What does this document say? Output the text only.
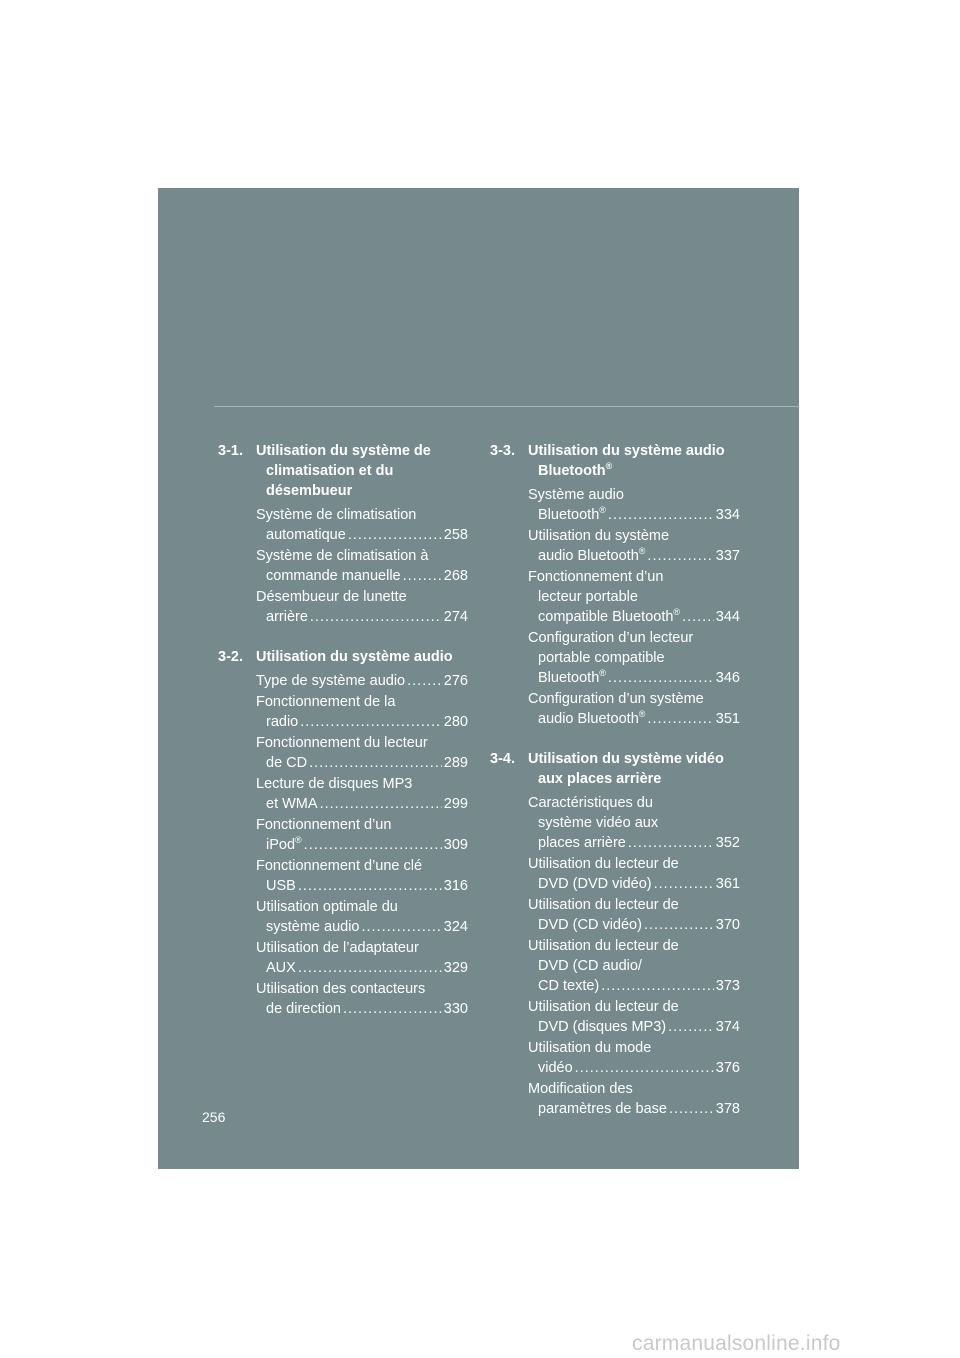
3-1. Utilisation du système de climatisation et du désembueur
Système de climatisation
automatique .....	258
Système de climatisation à
commande manuelle .....	268
Désembueur de lunette
arrière .....	274
3-2. Utilisation du système audio
Type de système audio .....	276
Fonctionnement de la
radio .....	280
Fonctionnement du lecteur
de CD .....	289
Lecture de disques MP3
et WMA .....	299
Fonctionnement d’un
iPod® .....	309
Fonctionnement d’une clé
USB .....	316
Utilisation optimale du
système audio .....	324
Utilisation de l’adaptateur
AUX .....	329
Utilisation des contacteurs
de direction .....	330
3-3. Utilisation du système audio Bluetooth®
Système audio
Bluetooth® .....	334
Utilisation du système
audio Bluetooth® .....	337
Fonctionnement d’un
lecteur portable
compatible Bluetooth® ..... 344
Configuration d’un lecteur
portable compatible
Bluetooth® .....	346
Configuration d’un système
audio Bluetooth® .....	351
3-4. Utilisation du système vidéo aux places arrière
Caractéristiques du
système vidéo aux
places arrière .....	352
Utilisation du lecteur de
DVD (DVD vidéo) .....	361
Utilisation du lecteur de
DVD (CD vidéo) .....	370
Utilisation du lecteur de
DVD (CD audio/
CD texte) .....	373
Utilisation du lecteur de
DVD (disques MP3) .....	374
Utilisation du mode
vidéo .....	376
Modification des
paramètres de base .....	378
256
carmanualsonline.info
